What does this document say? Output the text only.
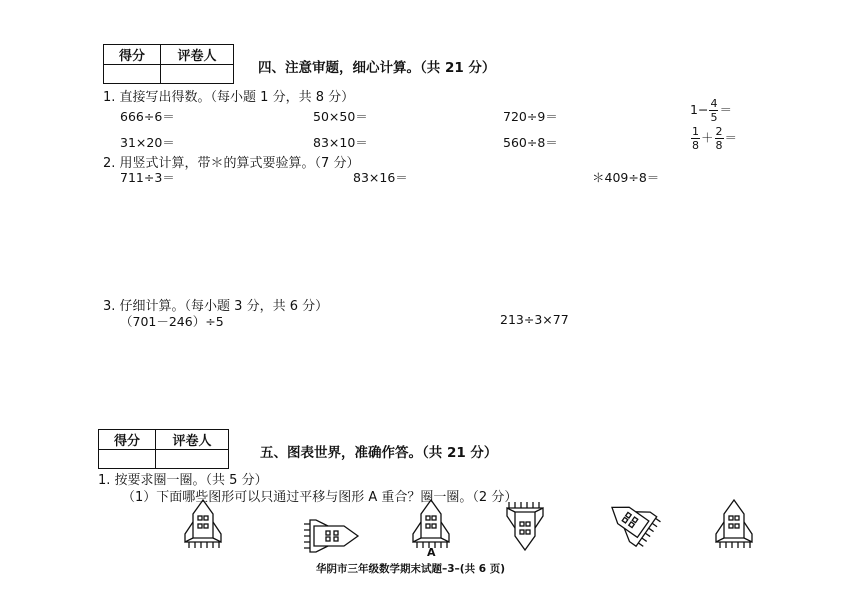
得分	评卷人

四、注意审题，细心计算。（共 21 分）
1. 直接写出得数。（每小题 1 分，共 8 分）
666÷6＝	50×50＝	720÷9＝	$1- \frac{4}{5}$ ＝
31×20＝	83×10＝	560÷8＝	$\frac{1}{8} + \frac{2}{8}$ ＝
2. 用竖式计算，带＊的算式要验算。（7 分）
711÷3＝	83×16＝	＊409÷8＝
3. 仔细计算。（每小题 3 分，共 6 分）
（701－246）÷5	213÷3×77
得分	评卷人

五、图表世界，准确作答。（共 21 分）
1. 按要求圈一圈。（共 5 分）
（1）下面哪些图形可以只通过平移与图形 A 重合？圈一圈。（2 分）
A
华阴市三年级数学期末试题–3–(共 6 页)
